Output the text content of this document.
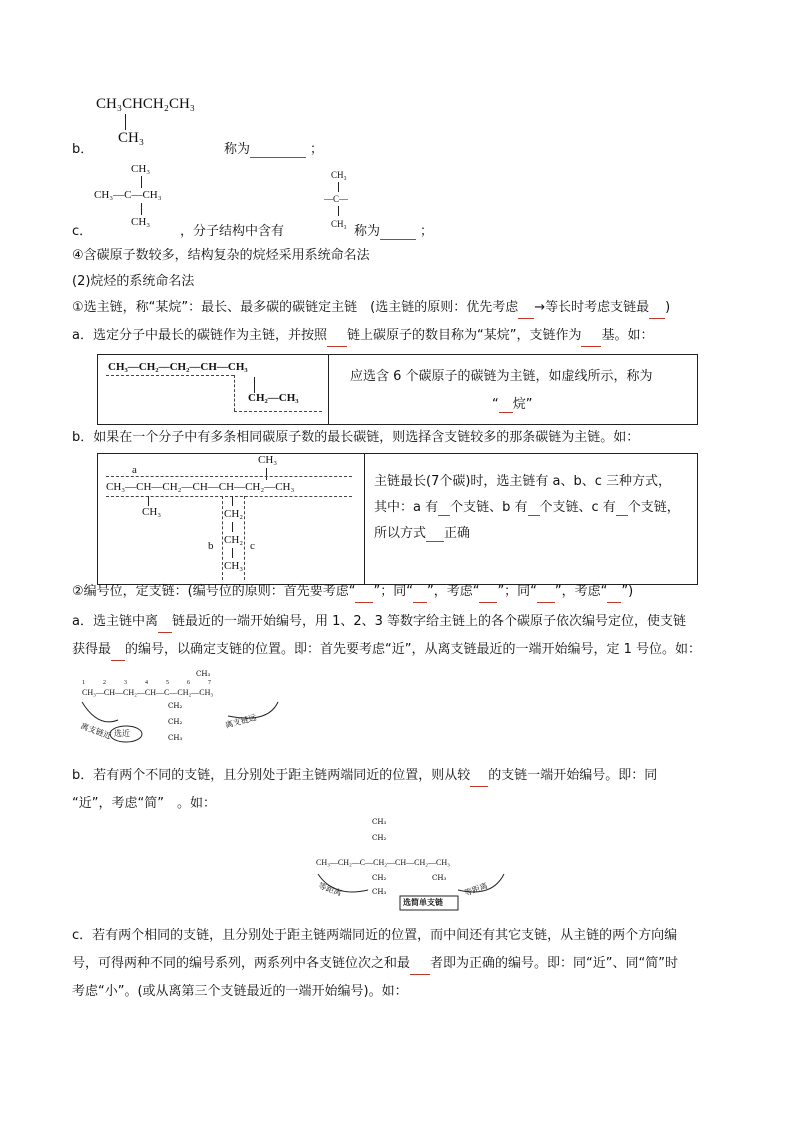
CH₃CHCH₂CH₃
CH₃
b．	称为	；
CH₃
CH₃—C—CH₃
CH₃
c．	，分子结构中含有
CH₃
—C—
CH₃ 称为	；
④含碳原子数较多，结构复杂的烷烃采用系统命名法
(2)烷烃的系统命名法
①选主链，称“某烷”：最长、最多碳的碳链定主链　(选主链的原则：优先考虑 →等长时考虑支链最 )
a．选定分子中最长的碳链作为主链，并按照 链上碳原子的数目称为“某烷”，支链作为 基。如：
CH₃—CH₂—CH₂—CH—CH₃
CH₂—CH₃
应选含 6 个碳原子的碳链为主链，如虚线所示，称为
“ 烷”
b．如果在一个分子中有多条相同碳原子数的最长碳链，则选择含支链较多的那条碳链为主链。如：
CH₃
a
CH₃—CH—CH₂—CH—CH—CH₂—CH₃
CH₃	CH₂
CH₂
CH₃
b	c
主链最长(7个碳)时，选主链有 a、b、c 三种方式，
其中：a 有 个支链、b 有 个支链、c 有 个支链，
所以方式 正确
②编号位，定支链：(编号位的原则：首先要考虑“ ”；同“ ”，考虑“ ”；同“ ”，考虑“ ”)
a．选主链中离 链最近的一端开始编号，用 1、2、3 等数字给主链上的各个碳原子依次编号定位，使支链
获得最 的编号，以确定支链的位置。即：首先要考虑“近”，从离支链最近的一端开始编号，定 1 号位。如：
CH₃—CH—CH₂—CH—C—CH₂—CH₃
1234567
离支链近	离支链远
CH₂
CH₂
CH₃
CH₃
选近
b．若有两个不同的支链，且分别处于距主链两端同近的位置，则从较 的支链一端开始编号。即：同
“近”，考虑“简”　。如：
CH₃—CH₂—C—CH₂—CH—CH₂—CH₃
CH₃
CH₂
CH₂
CH₃
CH₃
等距离	等距离
选简单支链
c．若有两个相同的支链，且分别处于距主链两端同近的位置，而中间还有其它支链，从主链的两个方向编
号，可得两种不同的编号系列，两系列中各支链位次之和最 者即为正确的编号。即：同“近”、同“简”时
考虑“小”。(或从离第三个支链最近的一端开始编号)。如：
